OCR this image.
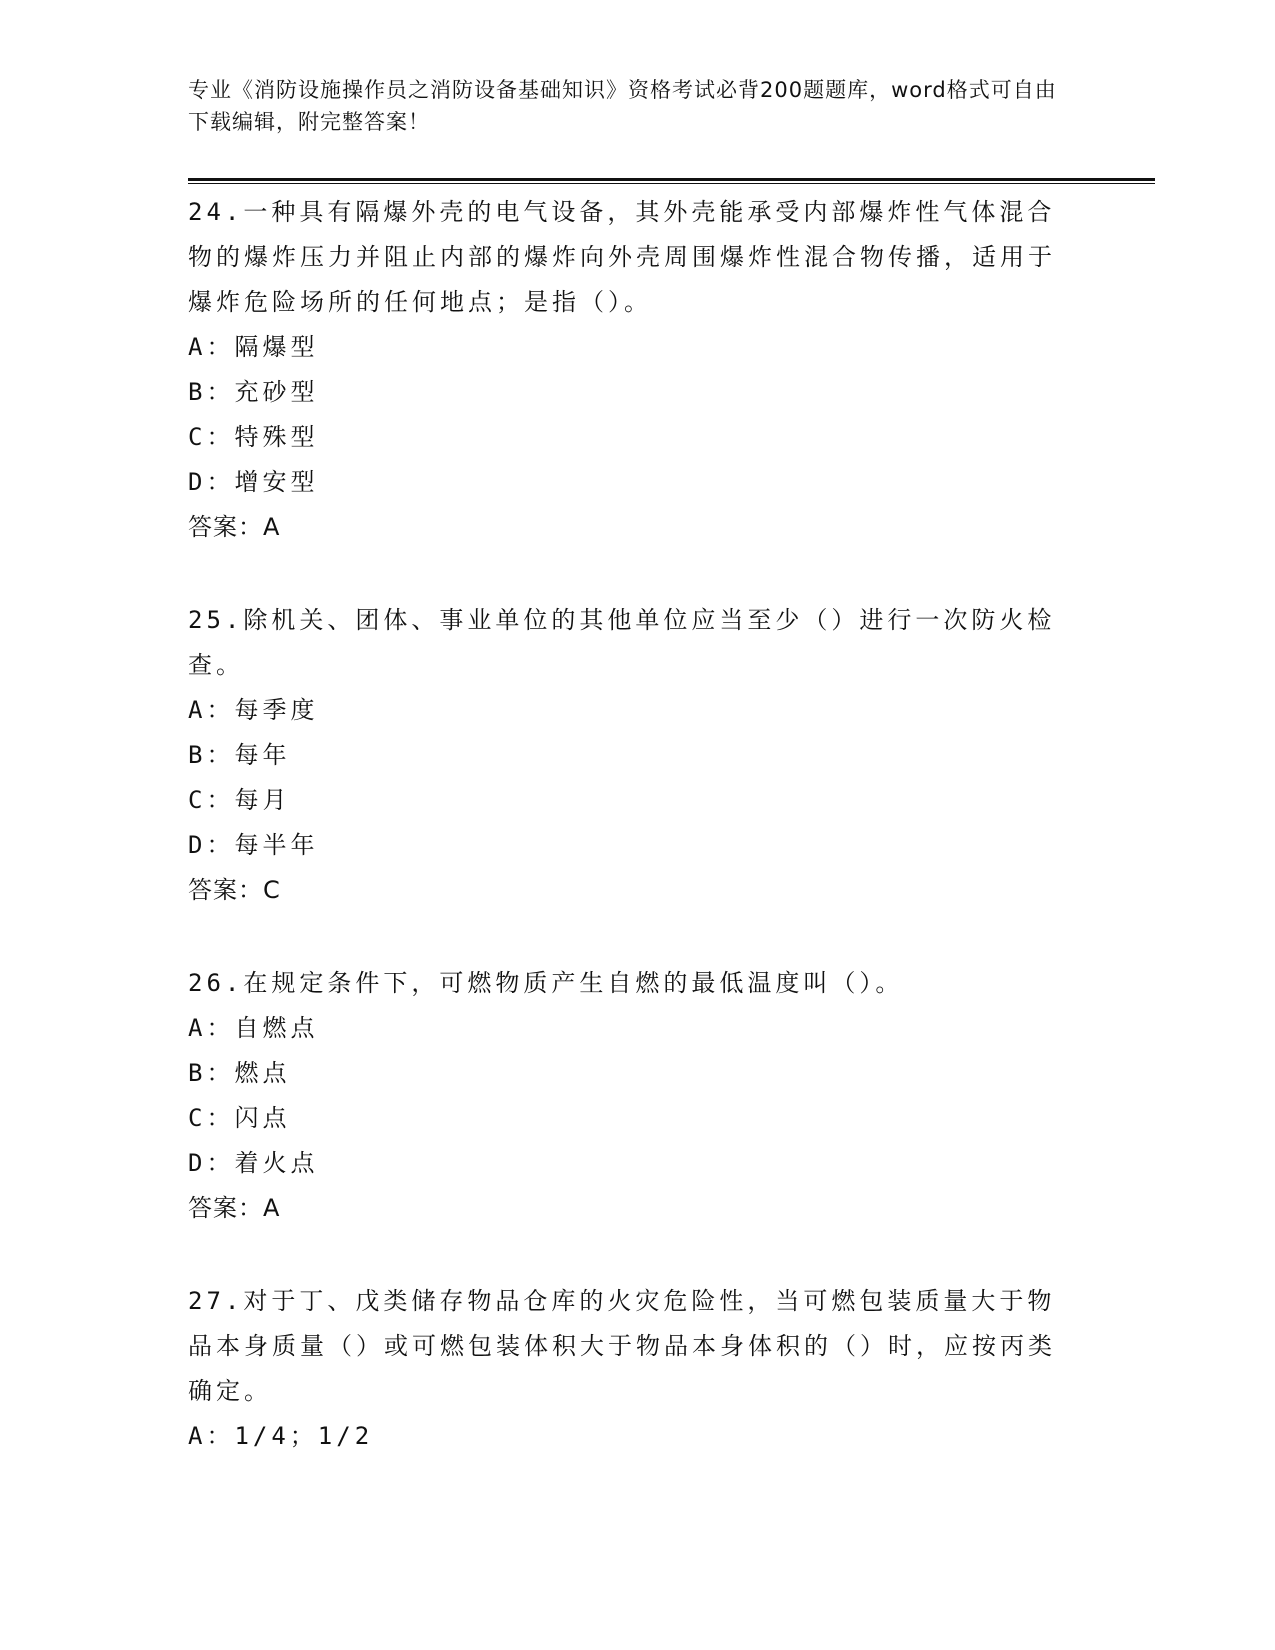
专业《消防设施操作员之消防设备基础知识》资格考试必背200题题库，word格式可自由下载编辑，附完整答案！
24.一种具有隔爆外壳的电气设备，其外壳能承受内部爆炸性气体混合物的爆炸压力并阻止内部的爆炸向外壳周围爆炸性混合物传播，适用于爆炸危险场所的任何地点；是指（）。
A：隔爆型
B：充砂型
C：特殊型
D：增安型
答案：A
25.除机关、团体、事业单位的其他单位应当至少（）进行一次防火检查。
A：每季度
B：每年
C：每月
D：每半年
答案：C
26.在规定条件下，可燃物质产生自燃的最低温度叫（）。
A：自燃点
B：燃点
C：闪点
D：着火点
答案：A
27.对于丁、戊类储存物品仓库的火灾危险性，当可燃包装质量大于物品本身质量（）或可燃包装体积大于物品本身体积的（）时，应按丙类确定。
A：1/4；1/2
